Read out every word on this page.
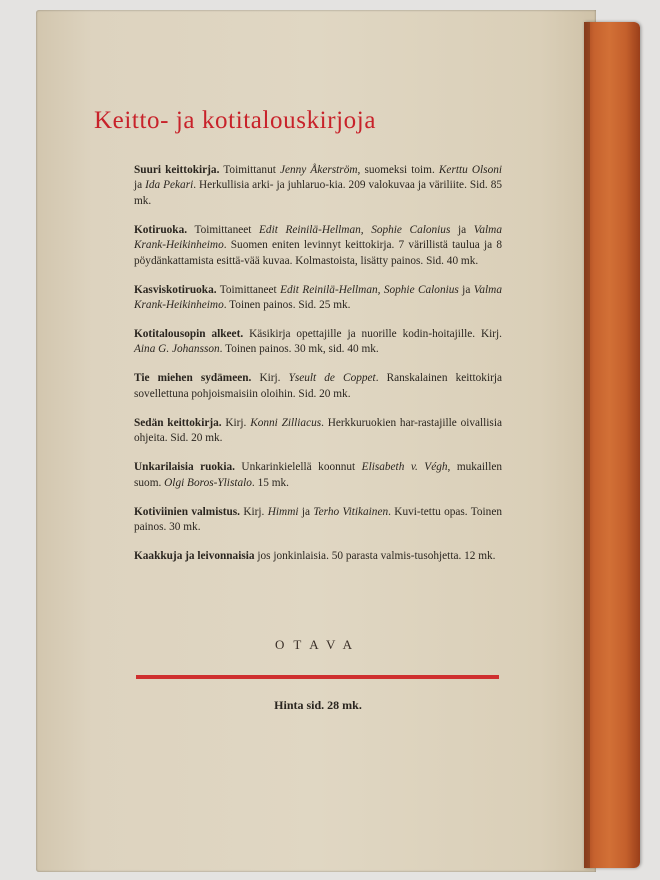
Keitto- ja kotitalouskirjoja
Suuri keittokirja. Toimittanut Jenny Åkerström, suomeksi toim. Kerttu Olsoni ja Ida Pekari. Herkullisia arki- ja juhlaruo-kia. 209 valokuvaa ja väriliite. Sid. 85 mk.
Kotiruoka. Toimittaneet Edit Reinilä-Hellman, Sophie Calonius ja Valma Krank-Heikinheimo. Suomen eniten levinnyt keittokirja. 7 värillistä taulua ja 8 pöydänkattamista esittä-vää kuvaa. Kolmastoista, lisätty painos. Sid. 40 mk.
Kasviskotiruoka. Toimittaneet Edit Reinilä-Hellman, Sophie Calonius ja Valma Krank-Heikinheimo. Toinen painos. Sid. 25 mk.
Kotitalousopin alkeet. Käsikirja opettajille ja nuorille kodin-hoitajille. Kirj. Aina G. Johansson. Toinen painos. 30 mk, sid. 40 mk.
Tie miehen sydämeen. Kirj. Yseult de Coppet. Ranskalainen keittokirja sovellettuna pohjoismaisiin oloihin. Sid. 20 mk.
Sedän keittokirja. Kirj. Konni Zilliacus. Herkkuruokien har-rastajille oivallisia ohjeita. Sid. 20 mk.
Unkarilaisia ruokia. Unkarinkielellä koonnut Elisabeth v. Végh, mukaillen suom. Olgi Boros-Ylistalo. 15 mk.
Kotiviinien valmistus. Kirj. Himmi ja Terho Vitikainen. Kuvi-tettu opas. Toinen painos. 30 mk.
Kaakkuja ja leivonnaisia jos jonkinlaisia. 50 parasta valmis-tusohjetta. 12 mk.
OTAVA
Hinta sid. 28 mk.
